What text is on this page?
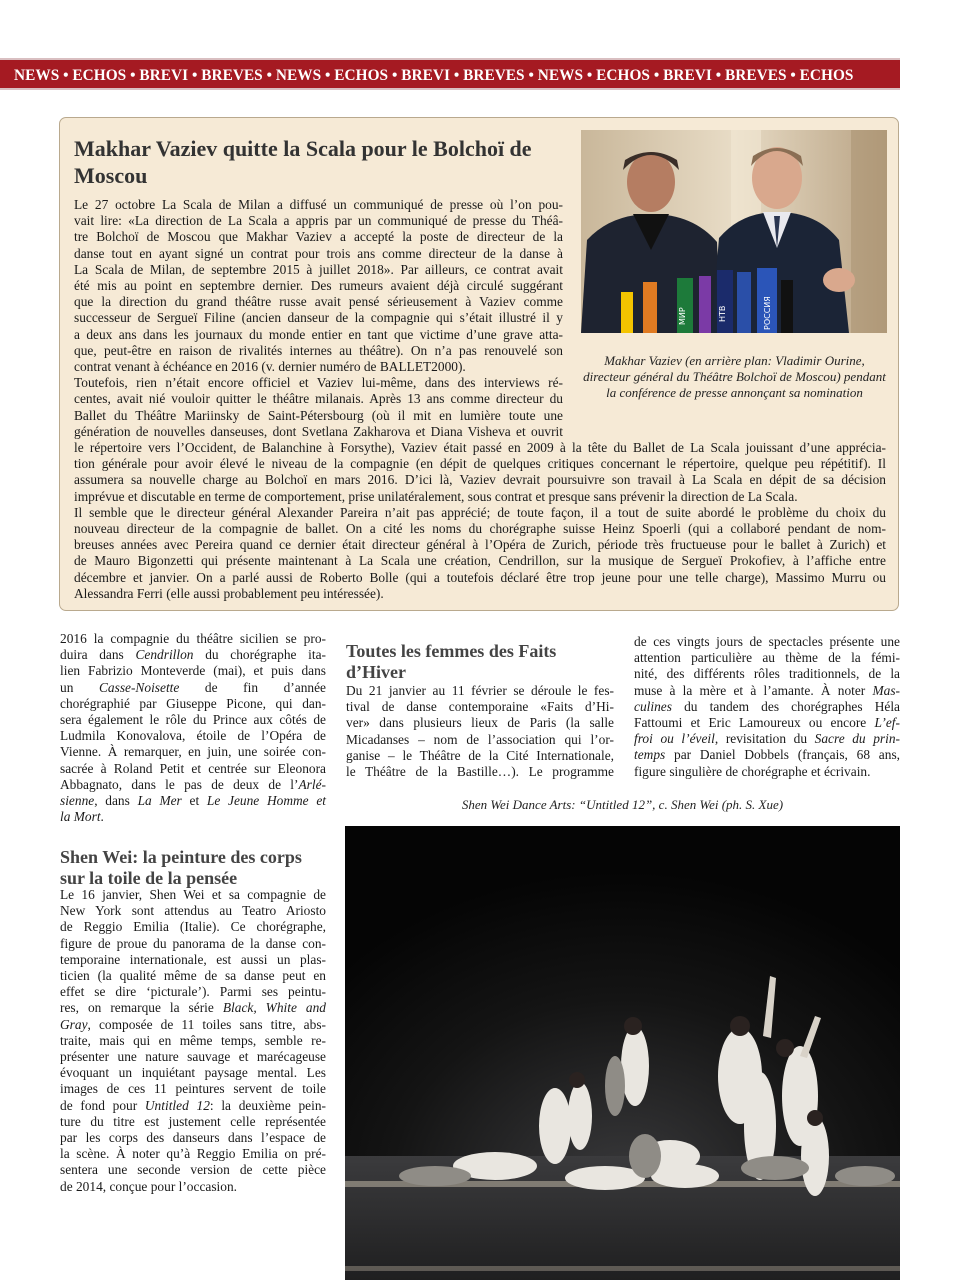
NEWS • ECHOS • BREVI • BREVES • NEWS • ECHOS • BREVI • BREVES • NEWS • ECHOS • BREVI • BREVES • ECHOS
Makhar Vaziev quitte la Scala pour le Bolchoï de Moscou
Le 27 octobre La Scala de Milan a diffusé un communiqué de presse où l’on pou-
vait lire: «La direction de La Scala a appris par un communiqué de presse du Théâ-
tre Bolchoï de Moscou que Makhar Vaziev a accepté la poste de directeur de la
danse tout en ayant signé un contrat pour trois ans comme directeur de la danse à
La Scala de Milan, de septembre 2015 à juillet 2018». Par ailleurs, ce contrat avait
été mis au point en septembre dernier. Des rumeurs avaient déjà circulé suggérant
que la direction du grand théâtre russe avait pensé sérieusement à Vaziev comme
successeur de Sergueï Filine (ancien danseur de la compagnie qui s’était illustré il y
a deux ans dans les journaux du monde entier en tant que victime d’une grave atta-
que, peut-être en raison de rivalités internes au théâtre). On n’a pas renouvelé son
contrat venant à échéance en 2016 (v. dernier numéro de BALLET2000).
Toutefois, rien n’était encore officiel et Vaziev lui-même, dans des interviews ré-
centes, avait nié vouloir quitter le théâtre milanais. Après 13 ans comme directeur du
Ballet du Théâtre Mariinsky de Saint-Pétersbourg (où il mit en lumière toute une
génération de nouvelles danseuses, dont Svetlana Zakharova et Diana Visheva et ouvrit
le répertoire vers l’Occident, de Balanchine à Forsythe), Vaziev était passé en 2009 à la tête du Ballet de La Scala jouissant d’une apprécia-
tion générale pour avoir élevé le niveau de la compagnie (en dépit de quelques critiques concernant le répertoire, quelque peu répétitif). Il
assumera sa nouvelle charge au Bolchoï en mars 2016. D’ici là, Vaziev devrait poursuivre son travail à La Scala en dépit de sa décision
imprévue et discutable en terme de comportement, prise unilatéralement, sous contrat et presque sans prévenir la direction de La Scala.
Il semble que le directeur général Alexander Pareira n’ait pas apprécié; de toute façon, il a tout de suite abordé le problème du choix du
nouveau directeur de la compagnie de ballet. On a cité les noms du chorégraphe suisse Heinz Spoerli (qui a collaboré pendant de nom-
breuses années avec Pereira quand ce dernier était directeur général à l’Opéra de Zurich, période très fructueuse pour le ballet à Zurich) et
de Mauro Bigonzetti qui présente maintenant à La Scala une création, Cendrillon, sur la musique de Sergueï Prokofiev, à l’affiche entre
décembre et janvier. On a parlé aussi de Roberto Bolle (qui a toutefois déclaré être trop jeune pour une telle charge), Massimo Murru ou
Alessandra Ferri (elle aussi probablement peu intéressée).
МИР	НТВ	РОССИЯ
Makhar Vaziev (en arrière plan: Vladimir Ourine, directeur général du Théâtre Bolchoï de Moscou) pendant la conférence de presse annonçant sa nomination
2016 la compagnie du théâtre sicilien se pro-
duira dans Cendrillon du chorégraphe ita-
lien Fabrizio Monteverde (mai), et puis dans
un Casse-Noisette de fin d’année
chorégraphié par Giuseppe Picone, qui dan-
sera également le rôle du Prince aux côtés de
Ludmila Konovalova, étoile de l’Opéra de
Vienne. À remarquer, en juin, une soirée con-
sacrée à Roland Petit et centrée sur Eleonora
Abbagnato, dans le pas de deux de l’Arlé-
sienne, dans La Mer et Le Jeune Homme et
la Mort.
Shen Wei: la peinture des corps sur la toile de la pensée
Le 16 janvier, Shen Wei et sa compagnie de
New York sont attendus au Teatro Ariosto
de Reggio Emilia (Italie). Ce chorégraphe,
figure de proue du panorama de la danse con-
temporaine internationale, est aussi un plas-
ticien (la qualité même de sa danse peut en
effet se dire ‘picturale’). Parmi ses peintu-
res, on remarque la série Black, White and
Gray, composée de 11 toiles sans titre, abs-
traite, mais qui en même temps, semble re-
présenter une nature sauvage et marécageuse
évoquant un inquiétant paysage mental. Les
images de ces 11 peintures servent de toile
de fond pour Untitled 12: la deuxième pein-
ture du titre est justement celle représentée
par les corps des danseurs dans l’espace de
la scène. À noter qu’à Reggio Emilia on pré-
sentera une seconde version de cette pièce
de 2014, conçue pour l’occasion.
Toutes les femmes des Faits d’Hiver
Du 21 janvier au 11 février se déroule le fes-
tival de danse contemporaine «Faits d’Hi-
ver» dans plusieurs lieux de Paris (la salle
Micadanses – nom de l’association qui l’or-
ganise – le Théâtre de la Cité Internationale,
le Théâtre de la Bastille…). Le programme
de ces vingts jours de spectacles présente une
attention particulière au thème de la fémi-
nité, des différents rôles traditionnels, de la
muse à la mère et à l’amante. À noter Mas-
culines du tandem des chorégraphes Héla
Fattoumi et Eric Lamoureux ou encore L’ef-
froi ou l’éveil, revisitation du Sacre du prin-
temps par Daniel Dobbels (français, 68 ans,
figure singulière de chorégraphe et écrivain.
Shen Wei Dance Arts: “Untitled 12”, c. Shen Wei (ph. S. Xue)
